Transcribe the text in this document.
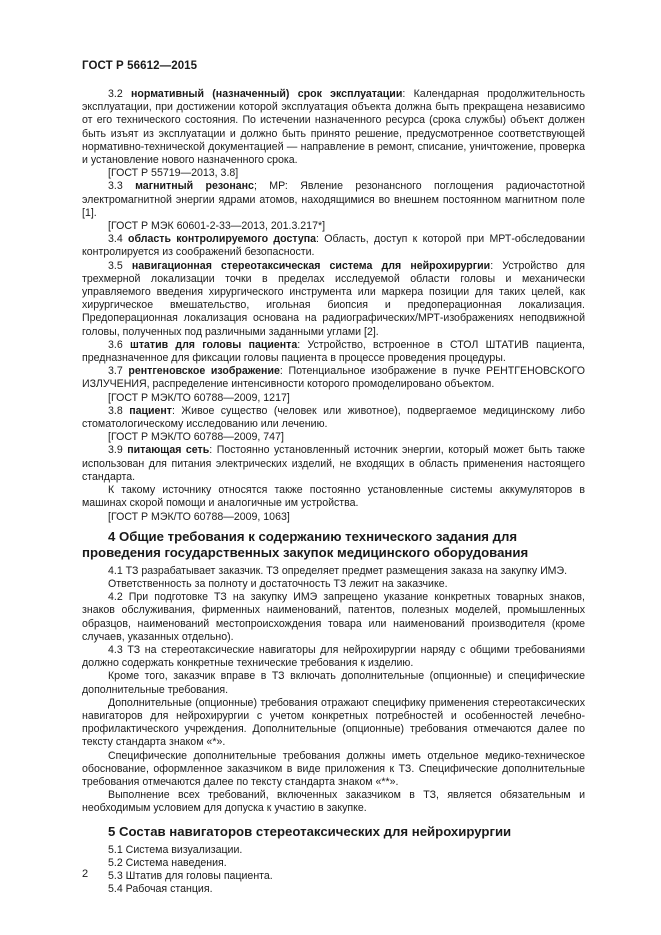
ГОСТ Р 56612—2015

3.2 нормативный (назначенный) срок эксплуатации: Календарная продолжительность эксплуатации, при достижении которой эксплуатация объекта должна быть прекращена независимо от его технического состояния. По истечении назначенного ресурса (срока службы) объект должен быть изъят из эксплуатации и должно быть принято решение, предусмотренное соответствующей нормативно-технической документацией — направление в ремонт, списание, уничтожение, проверка и установление нового назначенного срока.

[ГОСТ Р 55719—2013, 3.8]

3.3 магнитный резонанс; МР: Явление резонансного поглощения радиочастотной электромагнитной энергии ядрами атомов, находящимися во внешнем постоянном магнитном поле [1].

[ГОСТ Р МЭК 60601-2-33—2013, 201.3.217*]

3.4 область контролируемого доступа: Область, доступ к которой при МРТ-обследовании контролируется из соображений безопасности.

3.5 навигационная стереотаксическая система для нейрохирургии: Устройство для трехмерной локализации точки в пределах исследуемой области головы и механически управляемого введения хирургического инструмента или маркера позиции для таких целей, как хирургическое вмешательство, игольная биопсия и предоперационная локализация. Предоперационная локализация основана на радиографических/МРТ-изображениях неподвижной головы, полученных под различными заданными углами [2].

3.6 штатив для головы пациента: Устройство, встроенное в СТОЛ ШТАТИВ пациента, предназначенное для фиксации головы пациента в процессе проведения процедуры.

3.7 рентгеновское изображение: Потенциальное изображение в пучке РЕНТГЕНОВСКОГО ИЗЛУЧЕНИЯ, распределение интенсивности которого промоделировано объектом.

[ГОСТ Р МЭК/ТО 60788—2009, 1217]

3.8 пациент: Живое существо (человек или животное), подвергаемое медицинскому либо стоматологическому исследованию или лечению.

[ГОСТ Р МЭК/ТО 60788—2009, 747]

3.9 питающая сеть: Постоянно установленный источник энергии, который может быть также использован для питания электрических изделий, не входящих в область применения настоящего стандарта.

К такому источнику относятся также постоянно установленные системы аккумуляторов в машинах скорой помощи и аналогичные им устройства.

[ГОСТ Р МЭК/ТО 60788—2009, 1063]

4 Общие требования к содержанию технического задания для проведения государственных закупок медицинского оборудования

4.1 ТЗ разрабатывает заказчик. ТЗ определяет предмет размещения заказа на закупку ИМЭ.

Ответственность за полноту и достаточность ТЗ лежит на заказчике.

4.2 При подготовке ТЗ на закупку ИМЭ запрещено указание конкретных товарных знаков, знаков обслуживания, фирменных наименований, патентов, полезных моделей, промышленных образцов, наименований местопроисхождения товара или наименований производителя (кроме случаев, указанных отдельно).

4.3 ТЗ на стереотаксические навигаторы для нейрохирургии наряду с общими требованиями должно содержать конкретные технические требования к изделию.

Кроме того, заказчик вправе в ТЗ включать дополнительные (опционные) и специфические дополнительные требования.

Дополнительные (опционные) требования отражают специфику применения стереотаксических навигаторов для нейрохирургии с учетом конкретных потребностей и особенностей лечебно-профилактического учреждения. Дополнительные (опционные) требования отмечаются далее по тексту стандарта знаком «*».

Специфические дополнительные требования должны иметь отдельное медико-техническое обоснование, оформленное заказчиком в виде приложения к ТЗ. Специфические дополнительные требования отмечаются далее по тексту стандарта знаком «**».

Выполнение всех требований, включенных заказчиком в ТЗ, является обязательным и необходимым условием для допуска к участию в закупке.

5 Состав навигаторов стереотаксических для нейрохирургии

5.1 Система визуализации.

5.2 Система наведения.

5.3 Штатив для головы пациента.

5.4 Рабочая станция.

2
